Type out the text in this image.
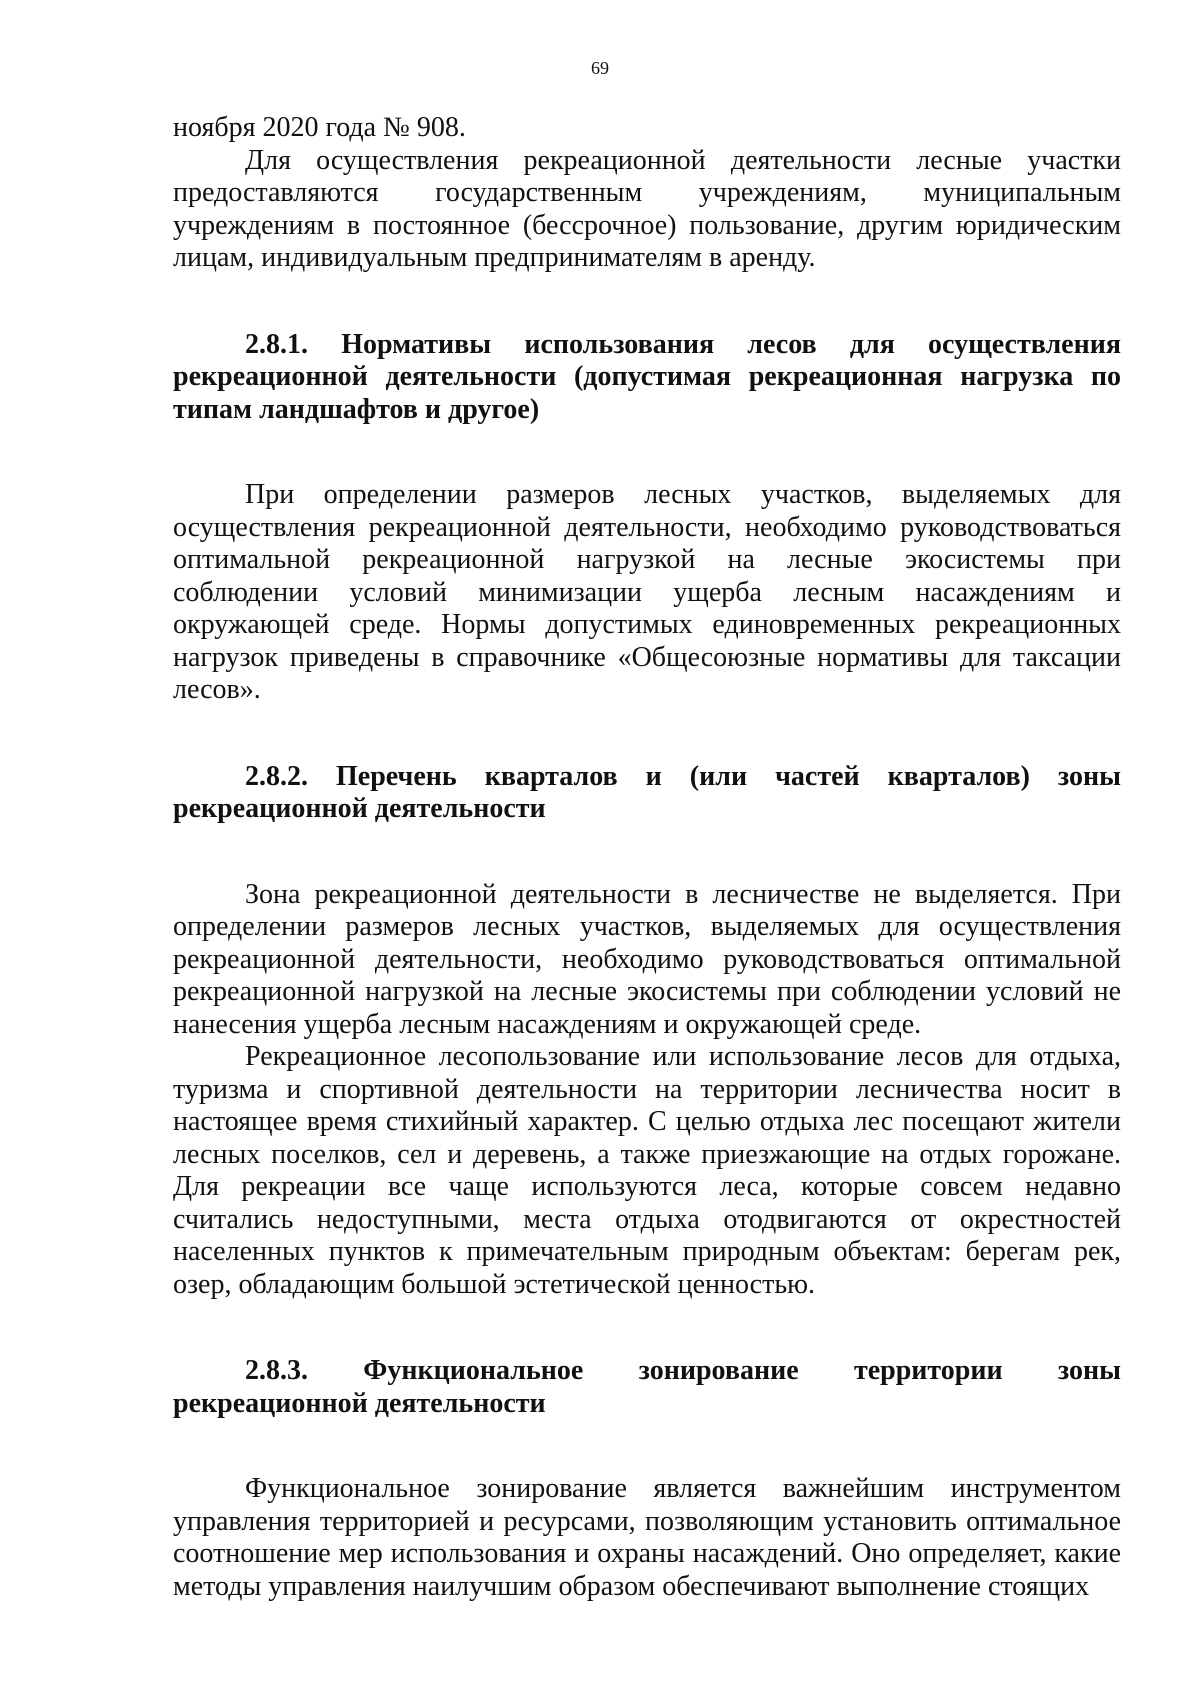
69

ноября 2020 года № 908.

Для осуществления рекреационной деятельности лесные участки предоставляются государственным учреждениям, муниципальным учреждениям в постоянное (бессрочное) пользование, другим юридическим лицам, индивидуальным предпринимателям в аренду.

2.8.1. Нормативы использования лесов для осуществления рекреационной деятельности (допустимая рекреационная нагрузка по типам ландшафтов и другое)

При определении размеров лесных участков, выделяемых для осуществления рекреационной деятельности, необходимо руководствоваться оптимальной рекреационной нагрузкой на лесные экосистемы при соблюдении условий минимизации ущерба лесным насаждениям и окружающей среде. Нормы допустимых единовременных рекреационных нагрузок приведены в справочнике «Общесоюзные нормативы для таксации лесов».

2.8.2. Перечень кварталов и (или частей кварталов) зоны рекреационной деятельности

Зона рекреационной деятельности в лесничестве не выделяется. При определении размеров лесных участков, выделяемых для осуществления рекреационной деятельности, необходимо руководствоваться оптимальной рекреационной нагрузкой на лесные экосистемы при соблюдении условий не нанесения ущерба лесным насаждениям и окружающей среде.

Рекреационное лесопользование или использование лесов для отдыха, туризма и спортивной деятельности на территории лесничества носит в настоящее время стихийный характер. С целью отдыха лес посещают жители лесных поселков, сел и деревень, а также приезжающие на отдых горожане. Для рекреации все чаще используются леса, которые совсем недавно считались недоступными, места отдыха отодвигаются от окрестностей населенных пунктов к примечательным природным объектам: берегам рек, озер, обладающим большой эстетической ценностью.

2.8.3. Функциональное зонирование территории зоны рекреационной деятельности

Функциональное зонирование является важнейшим инструментом управления территорией и ресурсами, позволяющим установить оптимальное соотношение мер использования и охраны насаждений. Оно определяет, какие методы управления наилучшим образом обеспечивают выполнение стоящих
